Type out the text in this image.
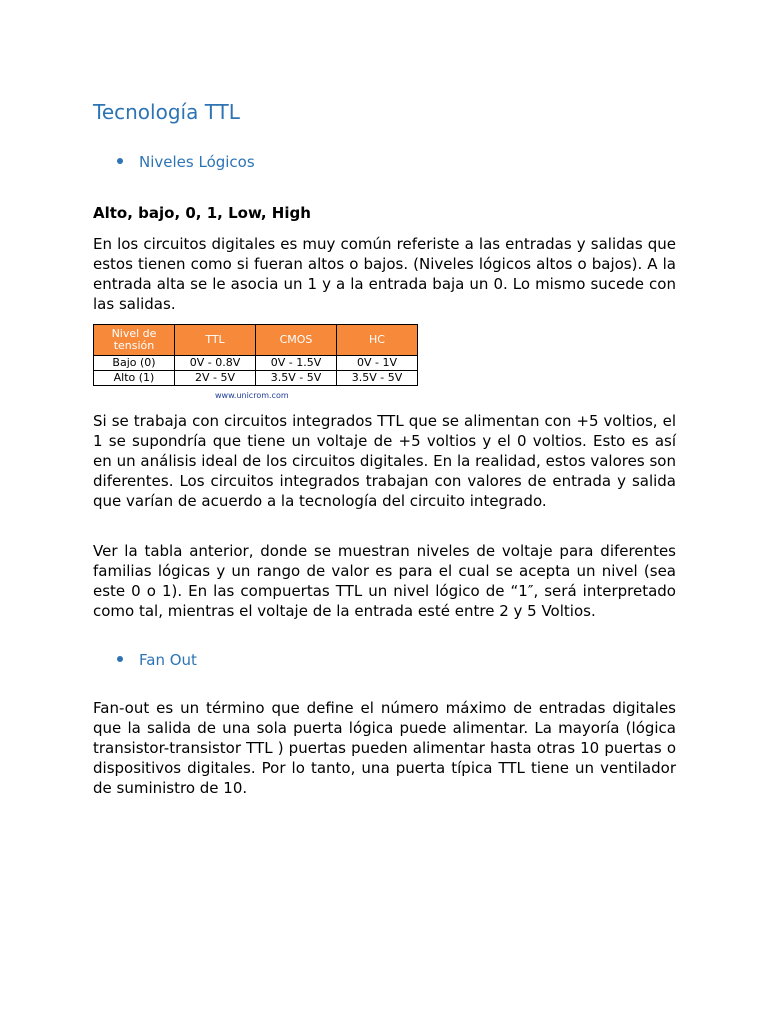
Tecnología TTL
Niveles Lógicos
Alto, bajo, 0, 1, Low, High

En los circuitos digitales es muy común referiste a las entradas y salidas que estos tienen como si fueran altos o bajos. (Niveles lógicos altos o bajos). A la entrada alta se le asocia un 1 y a la entrada baja un 0. Lo mismo sucede con las salidas.

Nivel de tensión	TTL	CMOS	HC
Bajo (0)	0V - 0.8V	0V - 1.5V	0V - 1V
Alto (1)	2V - 5V	3.5V - 5V	3.5V - 5V
www.unicrom.com

Si se trabaja con circuitos integrados TTL que se alimentan con +5 voltios, el 1 se supondría que tiene un voltaje de +5 voltios y el 0 voltios. Esto es así en un análisis ideal de los circuitos digitales. En la realidad, estos valores son diferentes. Los circuitos integrados trabajan con valores de entrada y salida que varían de acuerdo a la tecnología del circuito integrado.

Ver la tabla anterior, donde se muestran niveles de voltaje para diferentes familias lógicas y un rango de valor es para el cual se acepta un nivel (sea este 0 o 1). En las compuertas TTL un nivel lógico de “1″, será interpretado como tal, mientras el voltaje de la entrada esté entre 2 y 5 Voltios.

Fan Out

Fan-out es un término que define el número máximo de entradas digitales que la salida de una sola puerta lógica puede alimentar. La mayoría (lógica transistor-transistor TTL ) puertas pueden alimentar hasta otras 10 puertas o dispositivos digitales. Por lo tanto, una puerta típica TTL tiene un ventilador de suministro de 10.
